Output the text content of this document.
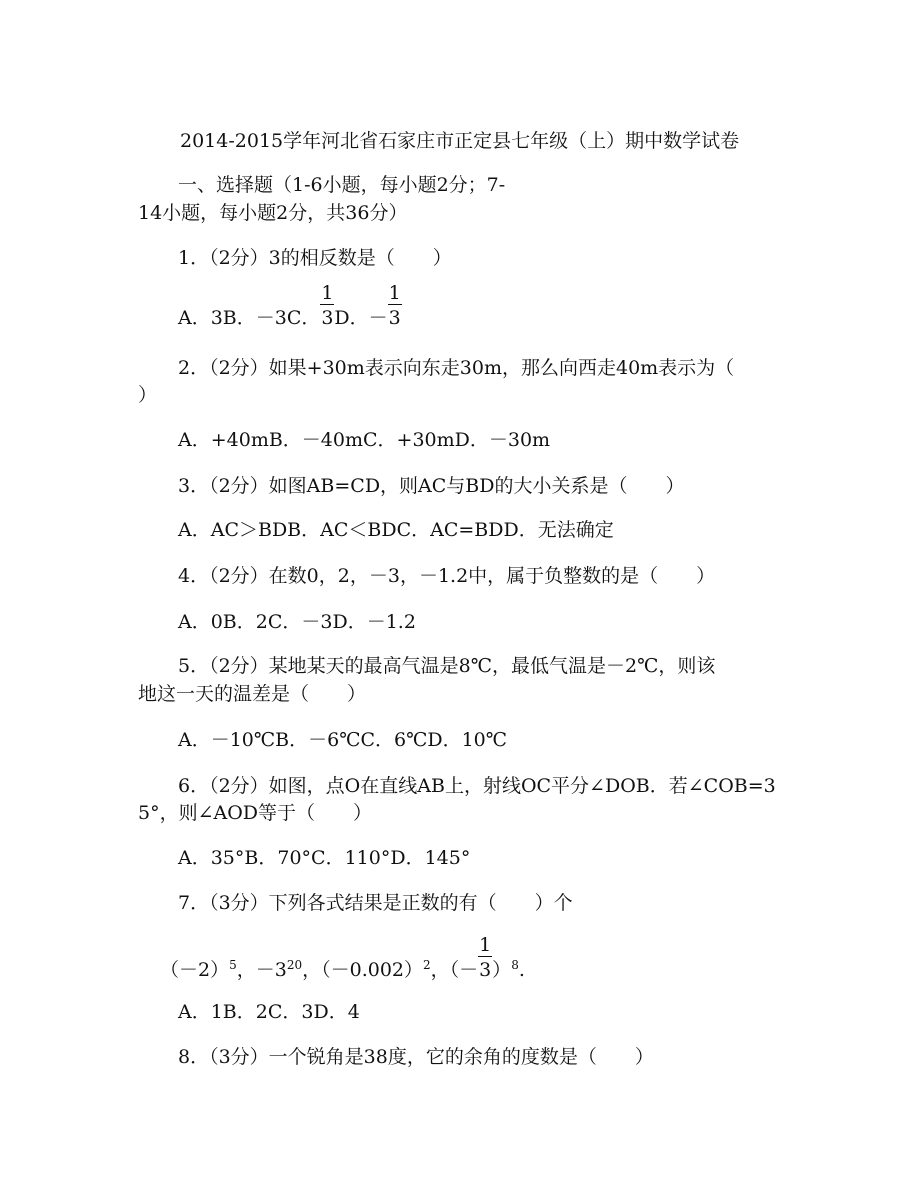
2014-2015学年河北省石家庄市正定县七年级（上）期中数学试卷
一、选择题（1-6小题，每小题2分；7-
14小题，每小题2分，共36分）
1．（2分）3的相反数是（　　）
A．3B．－3C． $\frac{1}{3}$ D．－ $\frac{1}{3}$
2．（2分）如果+30m表示向东走30m，那么向西走40m表示为（
）
A．+40mB．－40mC．+30mD．－30m
3．（2分）如图AB=CD，则AC与BD的大小关系是（　　）
A．AC＞BDB．AC＜BDC．AC=BDD．无法确定
4．（2分）在数0，2，－3，－1.2中，属于负整数的是（　　）
A．0B．2C．－3D．－1.2
5．（2分）某地某天的最高气温是8℃，最低气温是－2℃，则该
地这一天的温差是（　　）
A．－10℃B．－6℃C．6℃D．10℃
6．（2分）如图，点O在直线AB上，射线OC平分∠DOB．若∠COB=3
5°，则∠AOD等于（　　）
A．35°B．70°C．110°D．145°
7．（3分）下列各式结果是正数的有（　　）个
$(-2)^5$，$-3^{20}$，$(-0.002)^2$，（－ $\frac{1}{3} )^8$.
A．1B．2C．3D．4
8．（3分）一个锐角是38度，它的余角的度数是（　　）
